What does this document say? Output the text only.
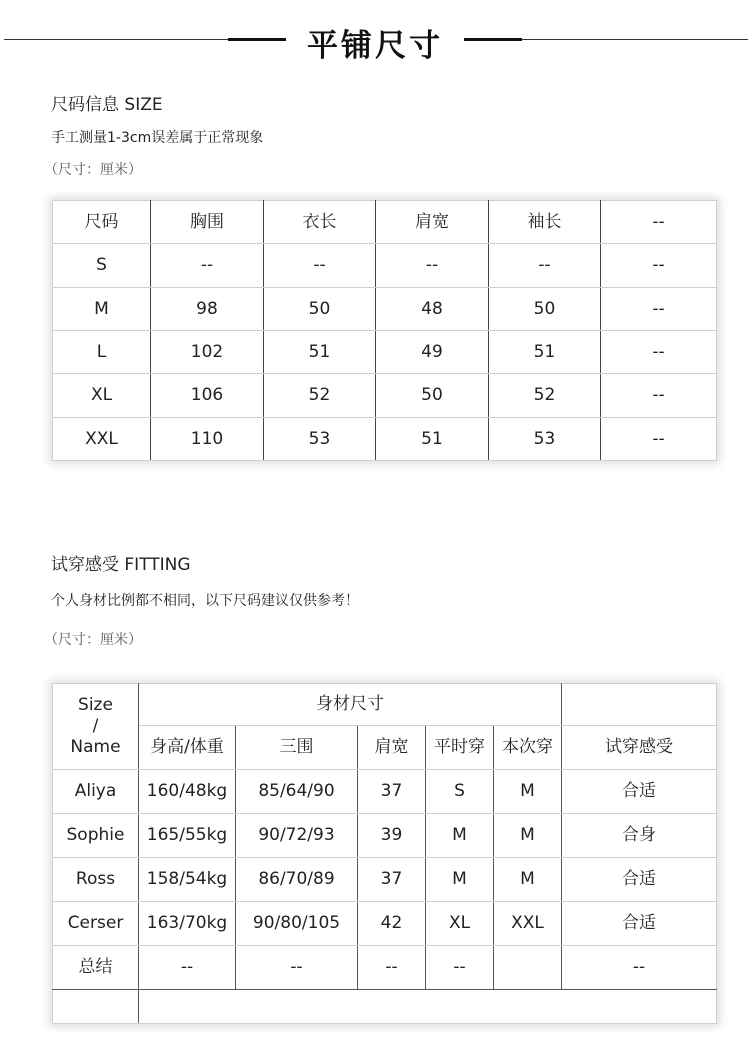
平铺尺寸
尺码信息 SIZE
手工测量1-3cm误差属于正常现象
（尺寸：厘米）
尺码	胸围	衣长	肩宽	袖长	--
S	--	--	--	--	--
M	98	50	48	50	--
L	102	51	49	51	--
XL	106	52	50	52	--
XXL	110	53	51	53	--
试穿感受 FITTING
个人身材比例都不相同，以下尺码建议仅供参考！
（尺寸：厘米）
Size
/
Name	身材尺寸					
	身高/体重	三围	肩宽	平时穿	本次穿	试穿感受
Aliya	160/48kg	85/64/90	37	S	M	合适
Sophie	165/55kg	90/72/93	39	M	M	合身
Ross	158/54kg	86/70/89	37	M	M	合适
Cerser	163/70kg	90/80/105	42	XL	XXL	合适
总结	--	--	--	--		--
